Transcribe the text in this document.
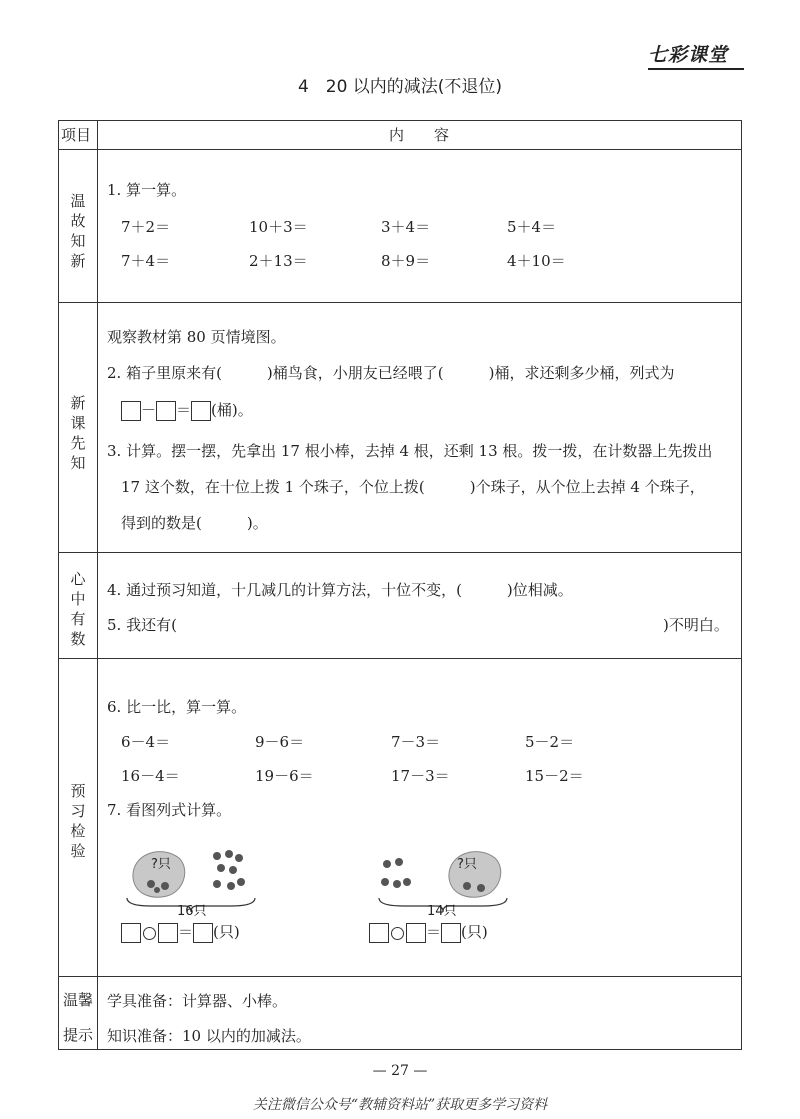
七彩课堂
4　20 以内的减法(不退位)
项目	内　　容
温
故
知
新
1. 算一算。
7＋2＝	10＋3＝	3＋4＝	5＋4＝
7＋4＝	2＋13＝	8＋9＝	4＋10＝
新
课
先
知
观察教材第 80 页情境图。
2. 箱子里原来有(　　　)桶鸟食，小朋友已经喂了(　　　)桶，求还剩多少桶，列式为
－ ＝ (桶)。
3. 计算。摆一摆，先拿出 17 根小棒，去掉 4 根，还剩 13 根。拨一拨，在计数器上先拨出
17 这个数，在十位上拨 1 个珠子，个位上拨(　　　)个珠子，从个位上去掉 4 个珠子，
得到的数是(　　　)。
心
中
有
数
4. 通过预习知道，十几减几的计算方法，十位不变，(　　　)位相减。
5. 我还有(	)不明白。
预
习
检
验
6. 比一比，算一算。
6－4＝	9－6＝	7－3＝	5－2＝
16－4＝	19－6＝	17－3＝	15－2＝
7. 看图列式计算。
?只
16只
＝ (只)
?只
14只
＝ (只)
温馨
提示
学具准备：计算器、小棒。
知识准备：10 以内的加减法。
— 27 —
关注微信公众号“教辅资料站”获取更多学习资料
